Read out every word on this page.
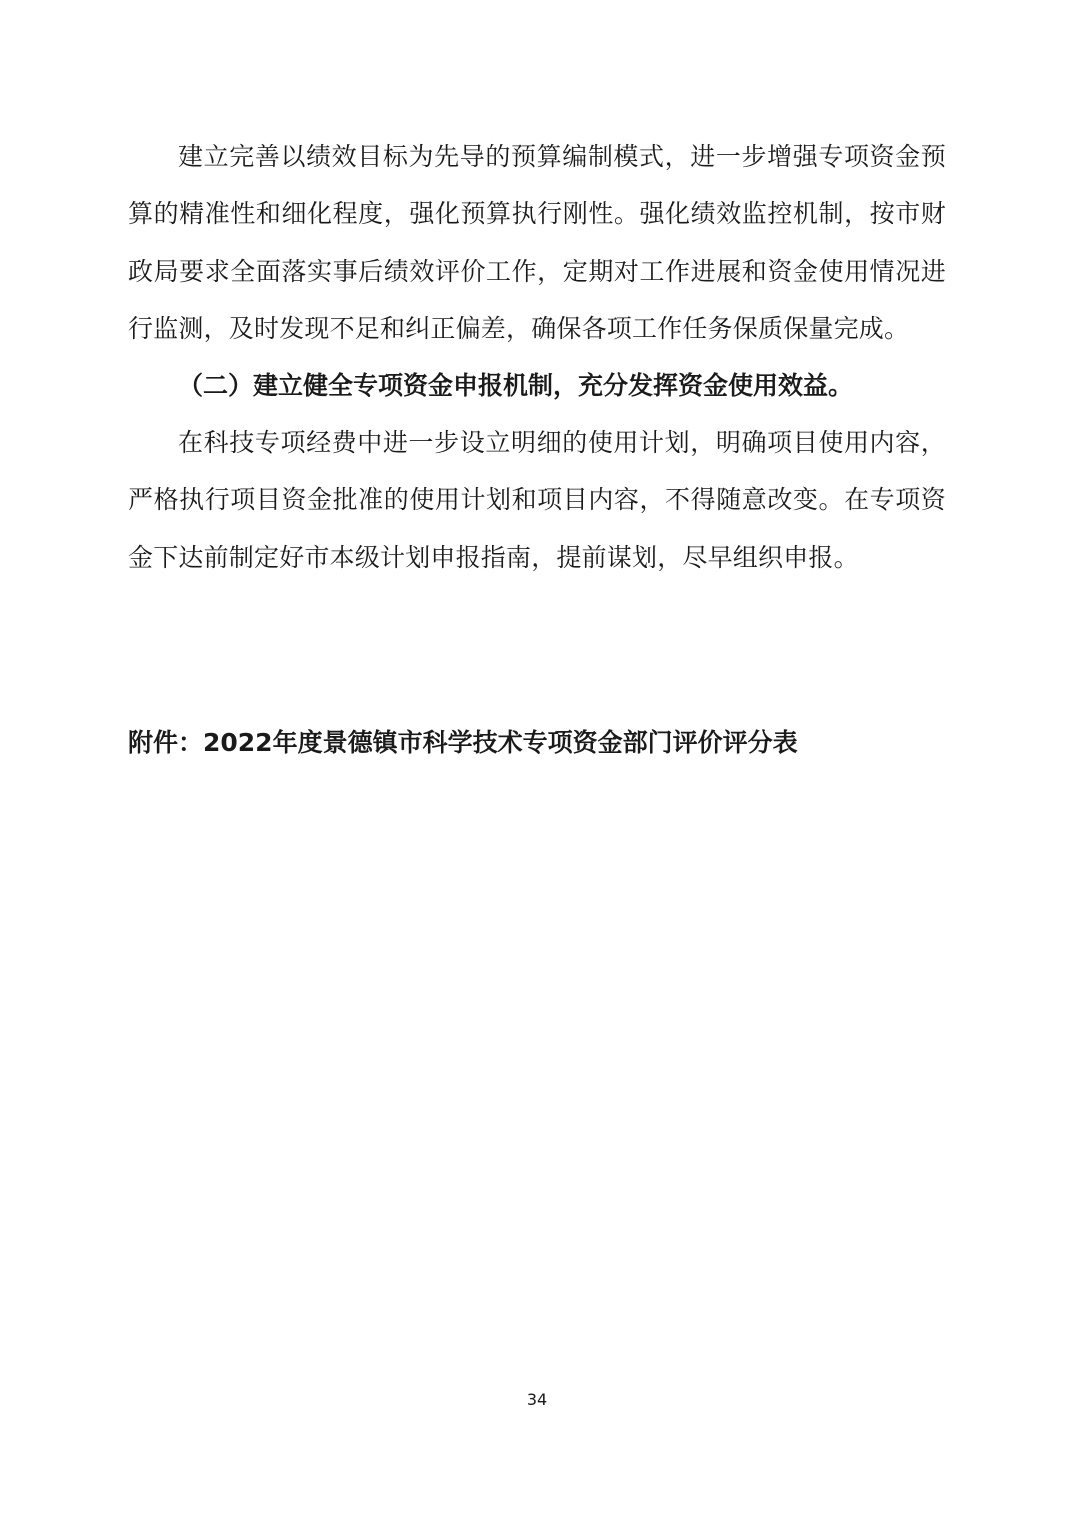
建立完善以绩效目标为先导的预算编制模式，进一步增强专项资金预算的精准性和细化程度，强化预算执行刚性。强化绩效监控机制，按市财政局要求全面落实事后绩效评价工作，定期对工作进展和资金使用情况进行监测，及时发现不足和纠正偏差，确保各项工作任务保质保量完成。

（二）建立健全专项资金申报机制，充分发挥资金使用效益。

在科技专项经费中进一步设立明细的使用计划，明确项目使用内容，严格执行项目资金批准的使用计划和项目内容，不得随意改变。在专项资金下达前制定好市本级计划申报指南，提前谋划，尽早组织申报。

附件：2022年度景德镇市科学技术专项资金部门评价评分表

34
